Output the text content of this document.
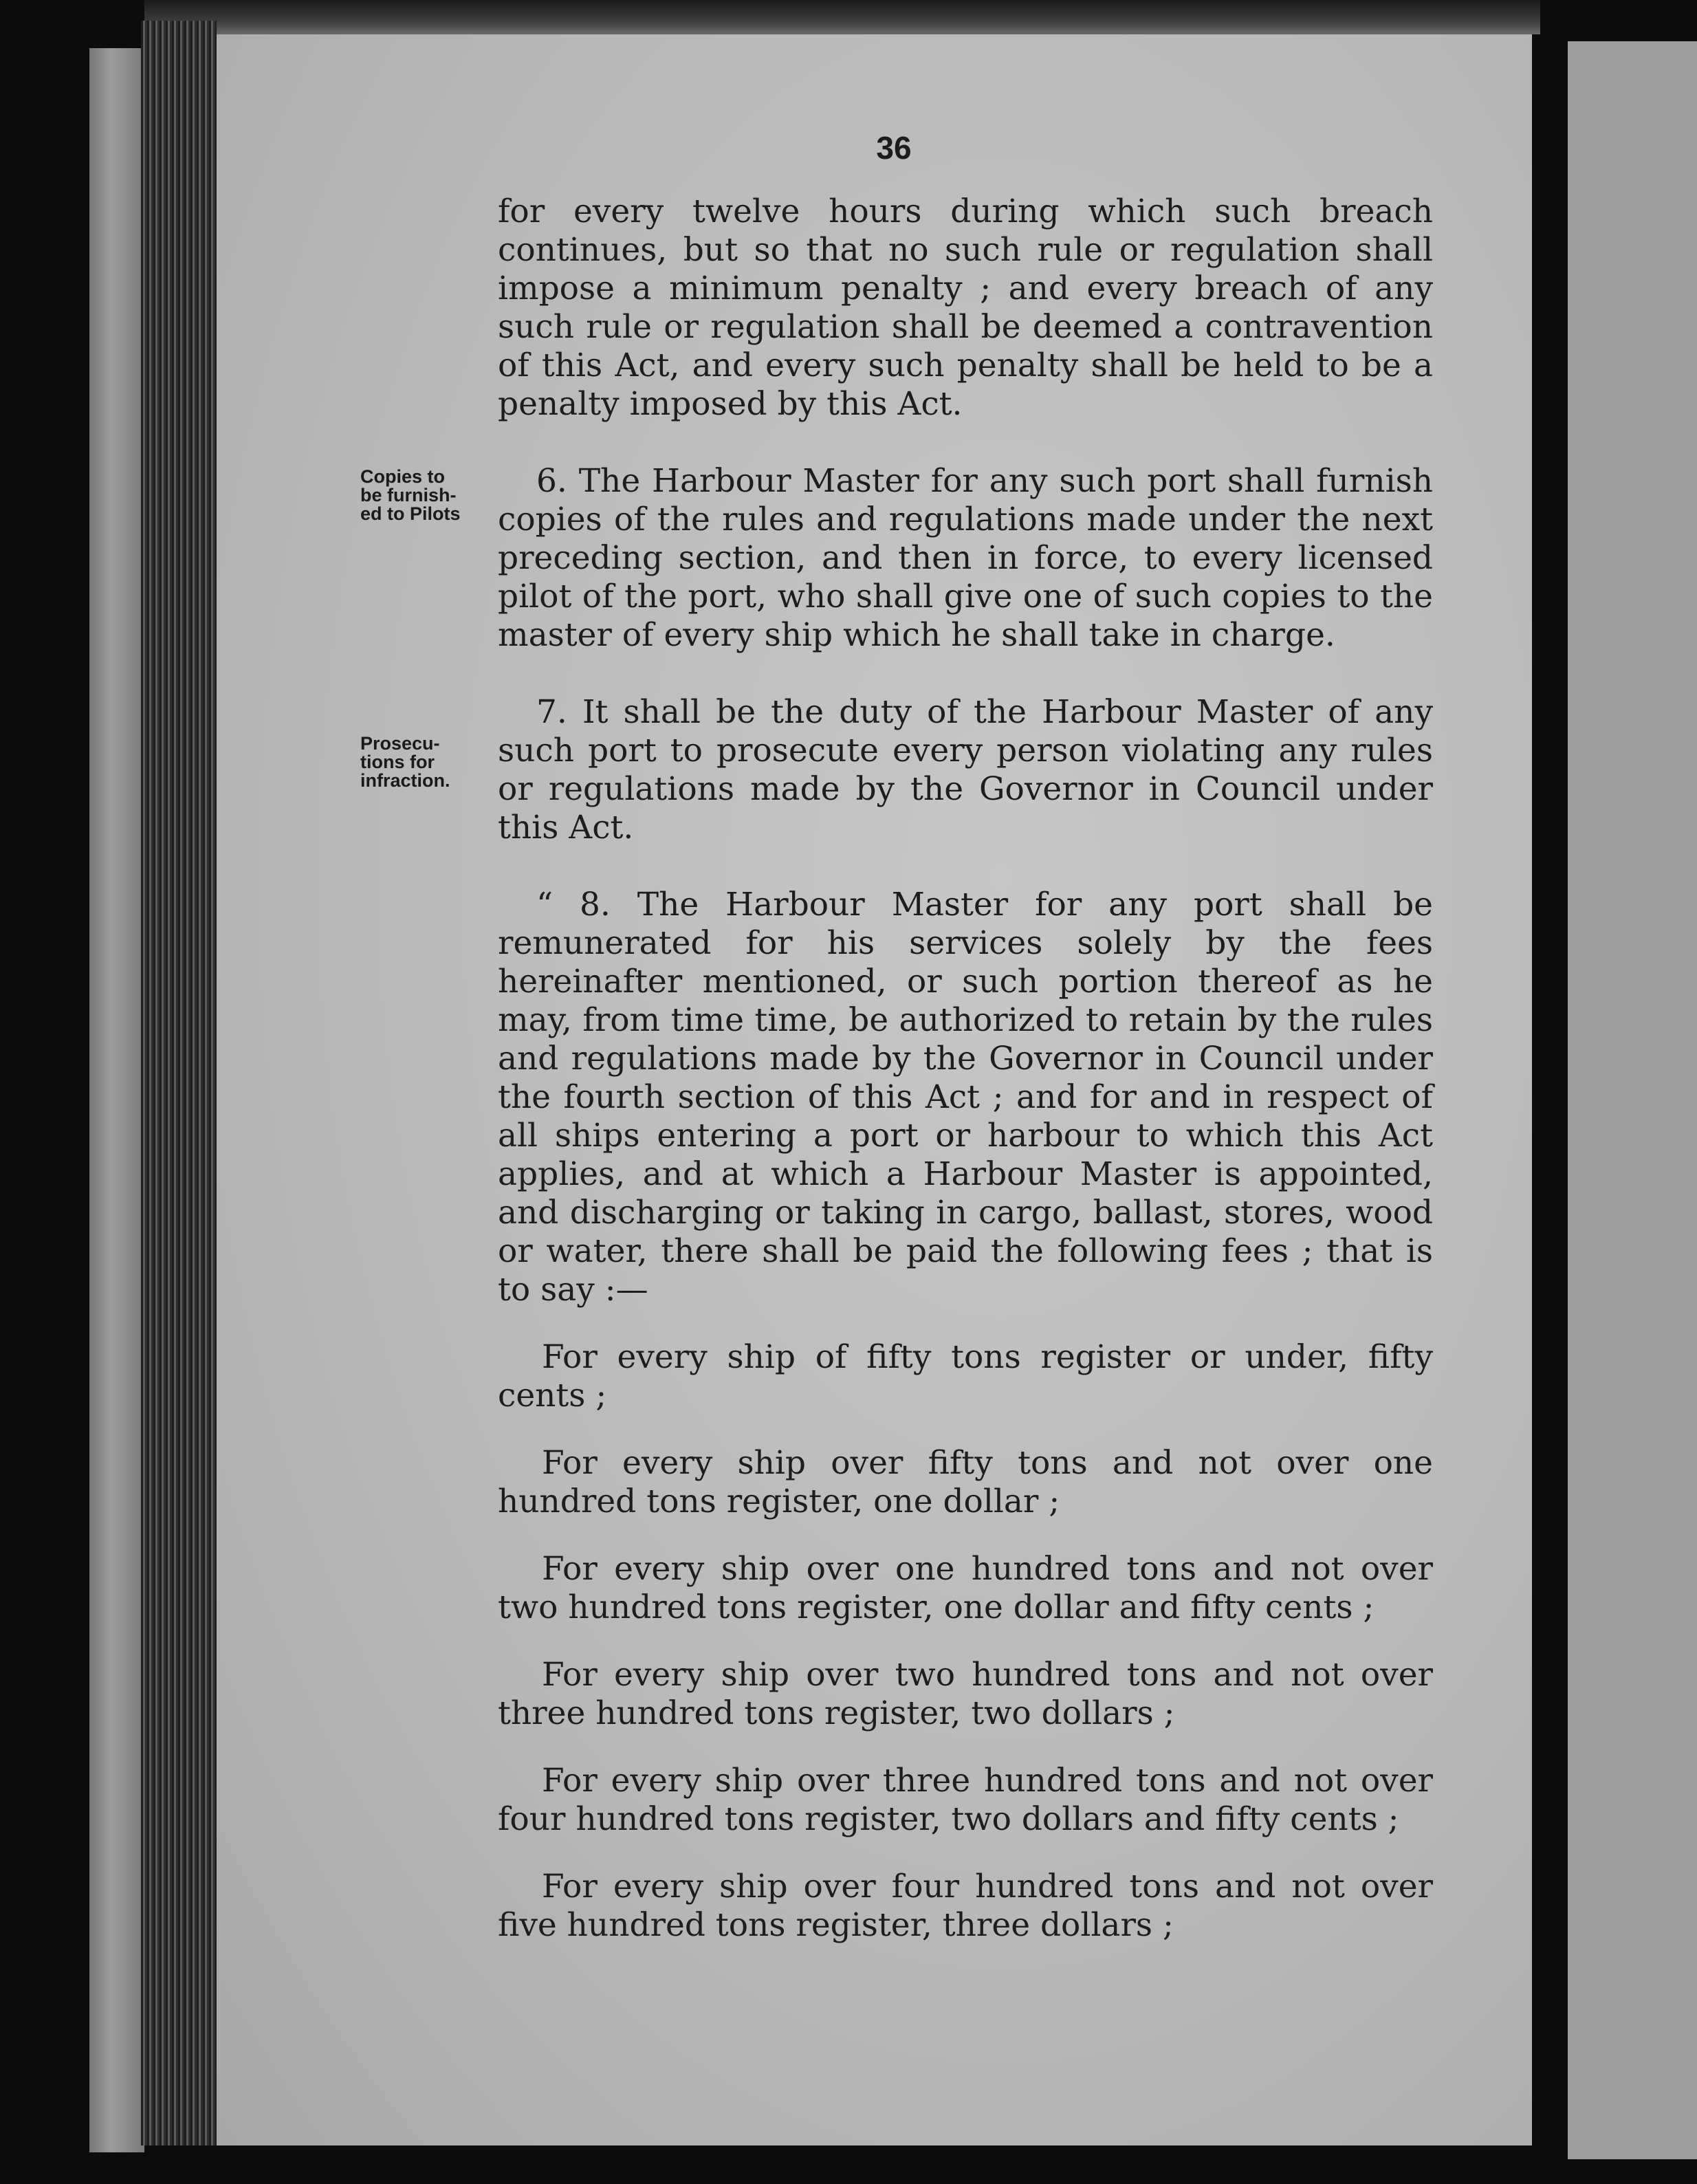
36
Copies to
be furnish-
ed to Pilots
Prosecu-
tions for
infraction.

for every twelve hours during which such breach continues, but so that no such rule or regulation shall impose a minimum penalty ; and every breach of any such rule or regulation shall be deemed a contravention of this Act, and every such penalty shall be held to be a penalty imposed by this Act.

6. The Harbour Master for any such port shall furnish copies of the rules and regulations made under the next preceding section, and then in force, to every licensed pilot of the port, who shall give one of such copies to the master of every ship which he shall take in charge.

7. It shall be the duty of the Harbour Master of any such port to prosecute every person violating any rules or regulations made by the Governor in Council under this Act.

“ 8. The Harbour Master for any port shall be remunerated for his services solely by the fees hereinafter mentioned, or such portion thereof as he may, from time time, be authorized to retain by the rules and regulations made by the Governor in Council under the fourth section of this Act ; and for and in respect of all ships entering a port or harbour to which this Act applies, and at which a Harbour Master is appointed, and discharging or taking in cargo, ballast, stores, wood or water, there shall be paid the following fees ; that is to say :—

For every ship of fifty tons register or under, fifty cents ;

For every ship over fifty tons and not over one hundred tons register, one dollar ;

For every ship over one hundred tons and not over two hundred tons register, one dollar and fifty cents ;

For every ship over two hundred tons and not over three hundred tons register, two dollars ;

For every ship over three hundred tons and not over four hundred tons register, two dollars and fifty cents ;

For every ship over four hundred tons and not over five hundred tons register, three dollars ;
